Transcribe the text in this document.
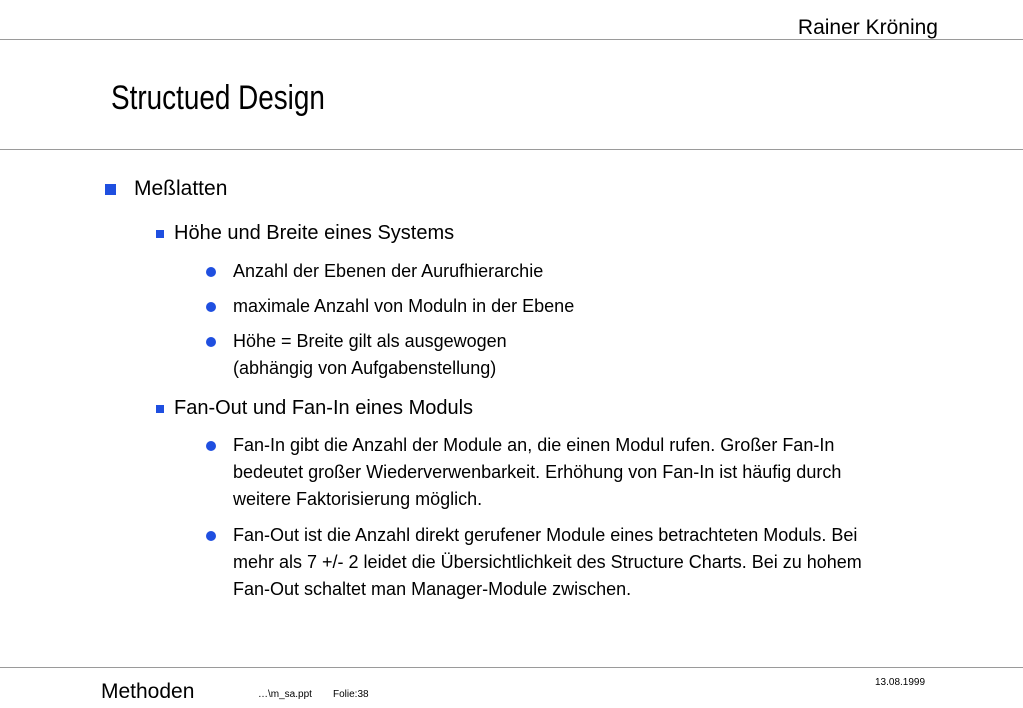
Rainer Kröning
Structued Design
Meßlatten
Höhe und Breite eines Systems
Anzahl der Ebenen der Aurufhierarchie
maximale Anzahl von Moduln in der Ebene
Höhe = Breite gilt als ausgewogen
(abhängig von Aufgabenstellung)
Fan-Out und Fan-In eines Moduls
Fan-In gibt die Anzahl der Module an, die einen Modul rufen. Großer Fan-In
bedeutet großer Wiederverwenbarkeit. Erhöhung von Fan-In ist häufig durch
weitere Faktorisierung möglich.
Fan-Out ist die Anzahl direkt gerufener Module eines betrachteten Moduls. Bei
mehr als 7 +/- 2 leidet die Übersichtlichkeit des Structure Charts. Bei zu hohem
Fan-Out schaltet man Manager-Module zwischen.
Methoden	…\m_sa.ppt Folie:38
13.08.1999
